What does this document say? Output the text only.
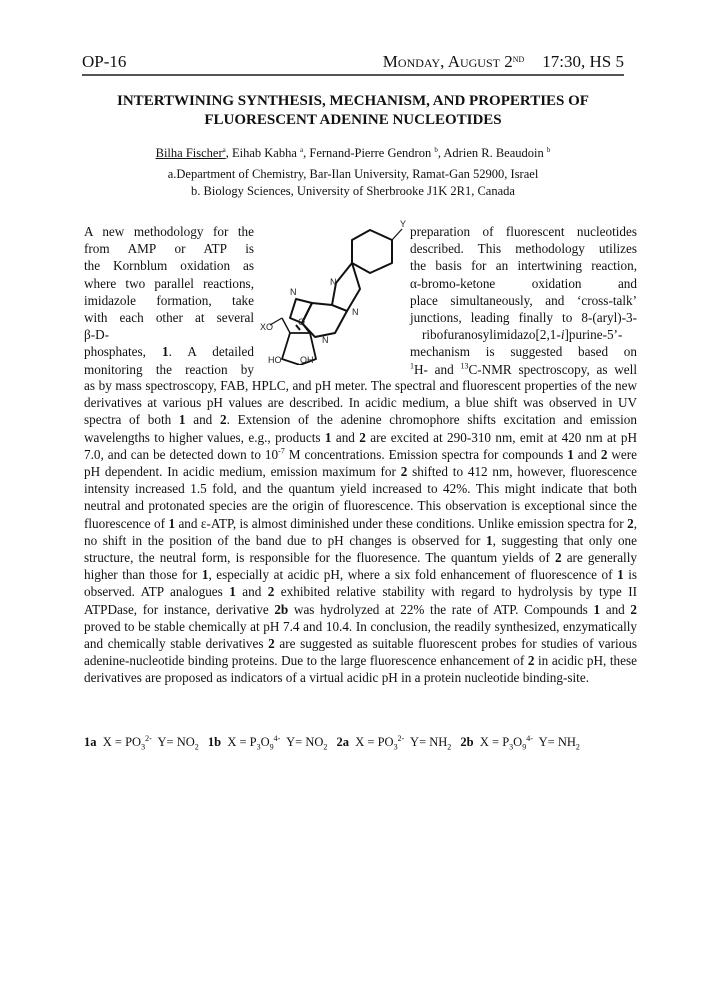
OP-16	Monday, August 2ND 17:30, HS 5
INTERTWINING SYNTHESIS, MECHANISM, AND PROPERTIES OF
FLUORESCENT ADENINE NUCLEOTIDES
Bilha Fischer$^a$, Eihab Kabha $^a$, Fernand-Pierre Gendron $^b$, Adrien R. Beaudoin $^b$
a.Department of Chemistry, Bar-Ilan University, Ramat-Gan 52900, Israel
b. Biology Sciences, University of Sherbrooke J1K 2R1, Canada
A new methodology for the
from AMP or ATP is
the Kornblum oxidation as
where two parallel reactions,
imidazole formation, take
with each other at several
β-D-
phosphates, 1. A detailed
monitoring the reaction by
Y
N
N
N
N
XO	O
HO OH
preparation of fluorescent nucleotides
described. This methodology utilizes
the basis for an intertwining reaction,
α-bromo-ketone oxidation and
place simultaneously, and ‘cross-talk’
junctions, leading finally to 8-(aryl)-3-
ribofuranosylimidazo[2,1-i]purine-5’-
mechanism is suggested based on
$^1$H- and $^{13}$C-NMR spectroscopy, as well
as by mass spectroscopy, FAB, HPLC, and pH meter. The spectral and fluorescent properties of the new derivatives at various pH values are described. In acidic medium, a blue shift was observed in UV spectra of both 1 and 2. Extension of the adenine chromophore shifts excitation and emission wavelengths to higher values, e.g., products 1 and 2 are excited at 290-310 nm, emit at 420 nm at pH 7.0, and can be detected down to $10^{-7}$ M concentrations. Emission spectra for compounds 1 and 2 were pH dependent. In acidic medium, emission maximum for 2 shifted to 412 nm, however, fluorescence intensity increased 1.5 fold, and the quantum yield increased to 42%. This might indicate that both neutral and protonated species are the origin of fluorescence. This observation is exceptional since the fluorescence of 1 and ε-ATP, is almost diminished under these conditions. Unlike emission spectra for 2, no shift in the position of the band due to pH changes is observed for 1, suggesting that only one structure, the neutral form, is responsible for the fluoresence. The quantum yields of 2 are generally higher than those for 1, especially at acidic pH, where a six fold enhancement of fluorescence of 1 is observed. ATP analogues 1 and 2 exhibited relative stability with regard to hydrolysis by type II ATPDase, for instance, derivative 2b was hydrolyzed at 22% the rate of ATP. Compounds 1 and 2 proved to be stable chemically at pH 7.4 and 10.4. In conclusion, the readily synthesized, enzymatically and chemically stable derivatives 2 are suggested as suitable fluorescent probes for studies of various adenine-nucleotide binding proteins. Due to the large fluorescence enhancement of 2 in acidic pH, these derivatives are proposed as indicators of a virtual acidic pH in a protein nucleotide binding-site.
1a  $X = PO_3^{2-}$  $Y= NO_2$ 1b  $X = P_3O_9^{4-}$  $Y= NO_2$ 2a  $X = PO_3^{2-}$  $Y= NH_2$ 2b  $X = P_3O_9^{4-}$  $Y= NH_2$
